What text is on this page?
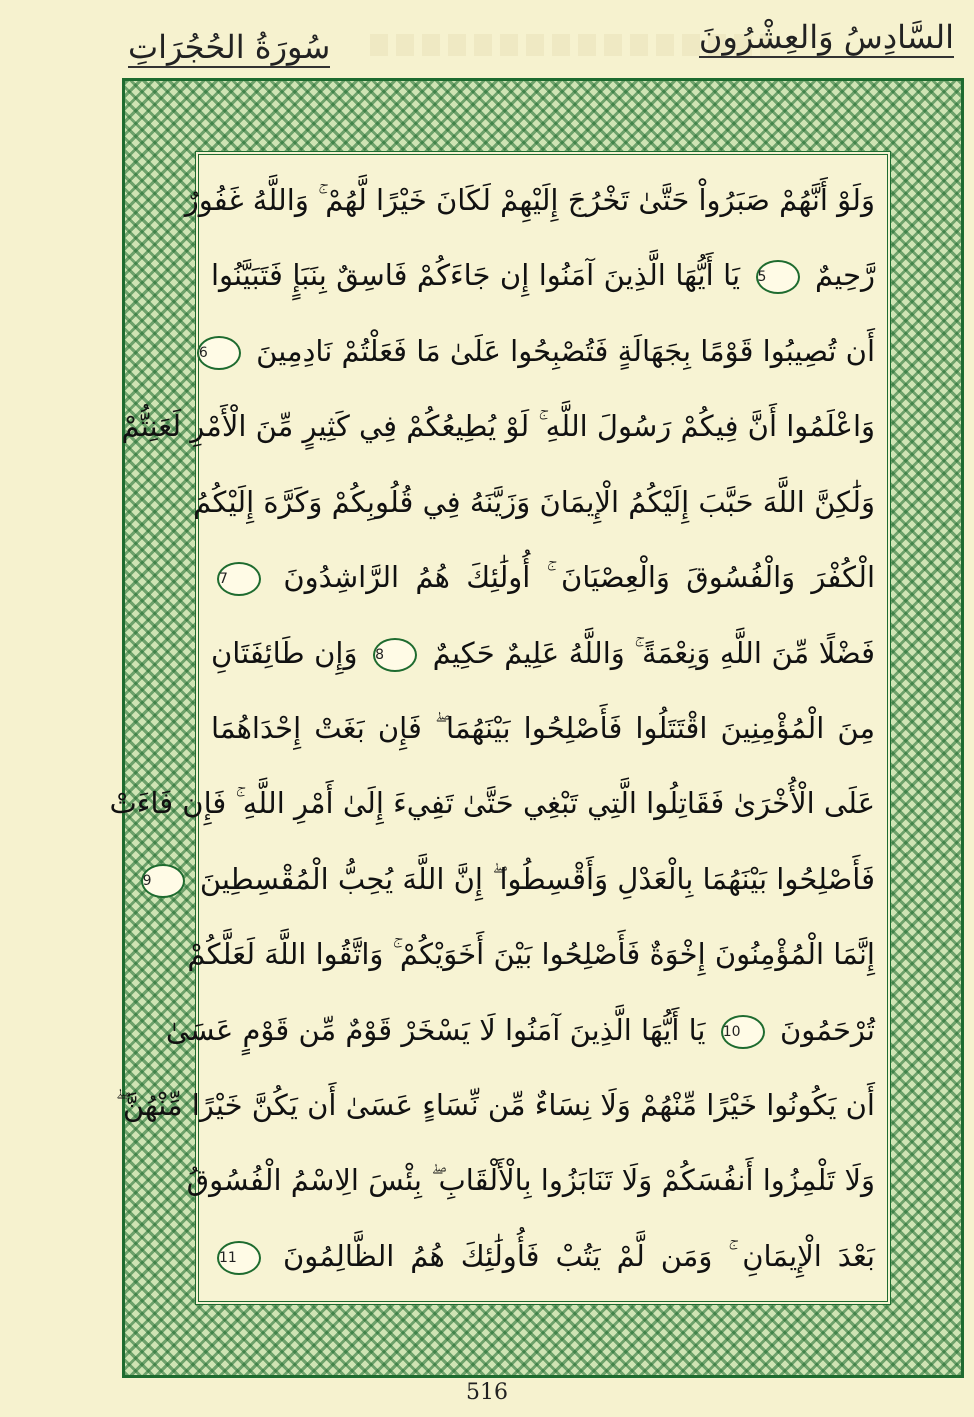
سُورَةُ الحُجُرَاتِ	السَّادِسُ وَالعِشْرُونَ
وَلَوْ أَنَّهُمْ صَبَرُواْ حَتَّىٰ تَخْرُجَ إِلَيْهِمْ لَكَانَ خَيْرًا لَّهُمْ ۚ وَاللَّهُ غَفُورٌ
رَّحِيمٌ 5 يَا أَيُّهَا الَّذِينَ آمَنُوا إِن جَاءَكُمْ فَاسِقٌ بِنَبَإٍ فَتَبَيَّنُوا
أَن تُصِيبُوا قَوْمًا بِجَهَالَةٍ فَتُصْبِحُوا عَلَىٰ مَا فَعَلْتُمْ نَادِمِينَ 6
وَاعْلَمُوا أَنَّ فِيكُمْ رَسُولَ اللَّهِ ۚ لَوْ يُطِيعُكُمْ فِي كَثِيرٍ مِّنَ الْأَمْرِ لَعَنِتُّمْ
وَلَٰكِنَّ اللَّهَ حَبَّبَ إِلَيْكُمُ الْإِيمَانَ وَزَيَّنَهُ فِي قُلُوبِكُمْ وَكَرَّهَ إِلَيْكُمُ
الْكُفْرَ وَالْفُسُوقَ وَالْعِصْيَانَ ۚ أُولَٰئِكَ هُمُ الرَّاشِدُونَ 7
فَضْلًا مِّنَ اللَّهِ وَنِعْمَةً ۚ وَاللَّهُ عَلِيمٌ حَكِيمٌ 8 وَإِن طَائِفَتَانِ
مِنَ الْمُؤْمِنِينَ اقْتَتَلُوا فَأَصْلِحُوا بَيْنَهُمَا ۖ فَإِن بَغَتْ إِحْدَاهُمَا
عَلَى الْأُخْرَىٰ فَقَاتِلُوا الَّتِي تَبْغِي حَتَّىٰ تَفِيءَ إِلَىٰ أَمْرِ اللَّهِ ۚ فَإِن فَاءَتْ
فَأَصْلِحُوا بَيْنَهُمَا بِالْعَدْلِ وَأَقْسِطُوا ۖ إِنَّ اللَّهَ يُحِبُّ الْمُقْسِطِينَ 9
إِنَّمَا الْمُؤْمِنُونَ إِخْوَةٌ فَأَصْلِحُوا بَيْنَ أَخَوَيْكُمْ ۚ وَاتَّقُوا اللَّهَ لَعَلَّكُمْ
تُرْحَمُونَ 10 يَا أَيُّهَا الَّذِينَ آمَنُوا لَا يَسْخَرْ قَوْمٌ مِّن قَوْمٍ عَسَىٰ
أَن يَكُونُوا خَيْرًا مِّنْهُمْ وَلَا نِسَاءٌ مِّن نِّسَاءٍ عَسَىٰ أَن يَكُنَّ خَيْرًا مِّنْهُنَّ ۖ
وَلَا تَلْمِزُوا أَنفُسَكُمْ وَلَا تَنَابَزُوا بِالْأَلْقَابِ ۖ بِئْسَ الِاسْمُ الْفُسُوقُ
بَعْدَ الْإِيمَانِ ۚ وَمَن لَّمْ يَتُبْ فَأُولَٰئِكَ هُمُ الظَّالِمُونَ 11
516
